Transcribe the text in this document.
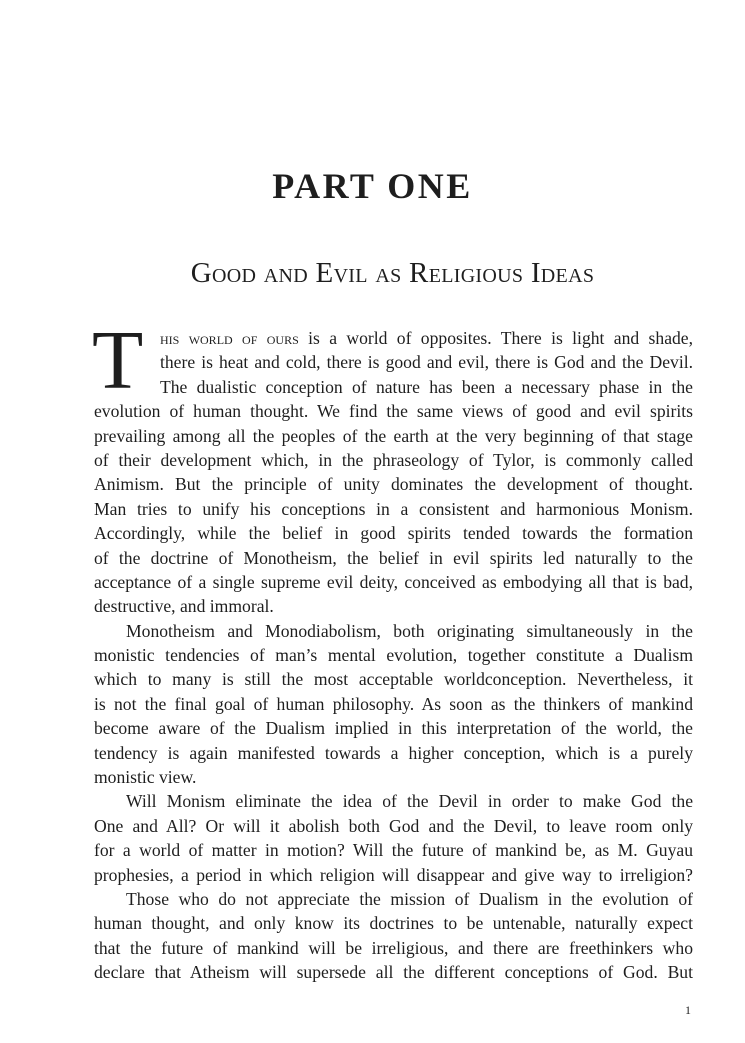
PART ONE
Good and Evil as Religious Ideas
T his world of ours is a world of opposites. There is light and shade,
there is heat and cold, there is good and evil, there is God and the Devil.
The dualistic conception of nature has been a necessary phase in the
evolution of human thought. We find the same views of good and evil spirits
prevailing among all the peoples of the earth at the very beginning of that stage
of their development which, in the phraseology of Tylor, is commonly called
Animism. But the principle of unity dominates the development of thought.
Man tries to unify his conceptions in a consistent and harmonious Monism.
Accordingly, while the belief in good spirits tended towards the formation
of the doctrine of Monotheism, the belief in evil spirits led naturally to the
acceptance of a single supreme evil deity, conceived as embodying all that is bad,
destructive, and immoral.
Monotheism and Monodiabolism, both originating simultaneously in the
monistic tendencies of man’s mental evolution, together constitute a Dualism
which to many is still the most acceptable worldconception. Nevertheless, it
is not the final goal of human philosophy. As soon as the thinkers of mankind
become aware of the Dualism implied in this interpretation of the world, the
tendency is again manifested towards a higher conception, which is a purely
monistic view.
Will Monism eliminate the idea of the Devil in order to make God the
One and All? Or will it abolish both God and the Devil, to leave room only
for a world of matter in motion? Will the future of mankind be, as M. Guyau
prophesies, a period in which religion will disappear and give way to irreligion?
Those who do not appreciate the mission of Dualism in the evolution of
human thought, and only know its doctrines to be untenable, naturally expect
that the future of mankind will be irreligious, and there are freethinkers who
declare that Atheism will supersede all the different conceptions of God. But
1
